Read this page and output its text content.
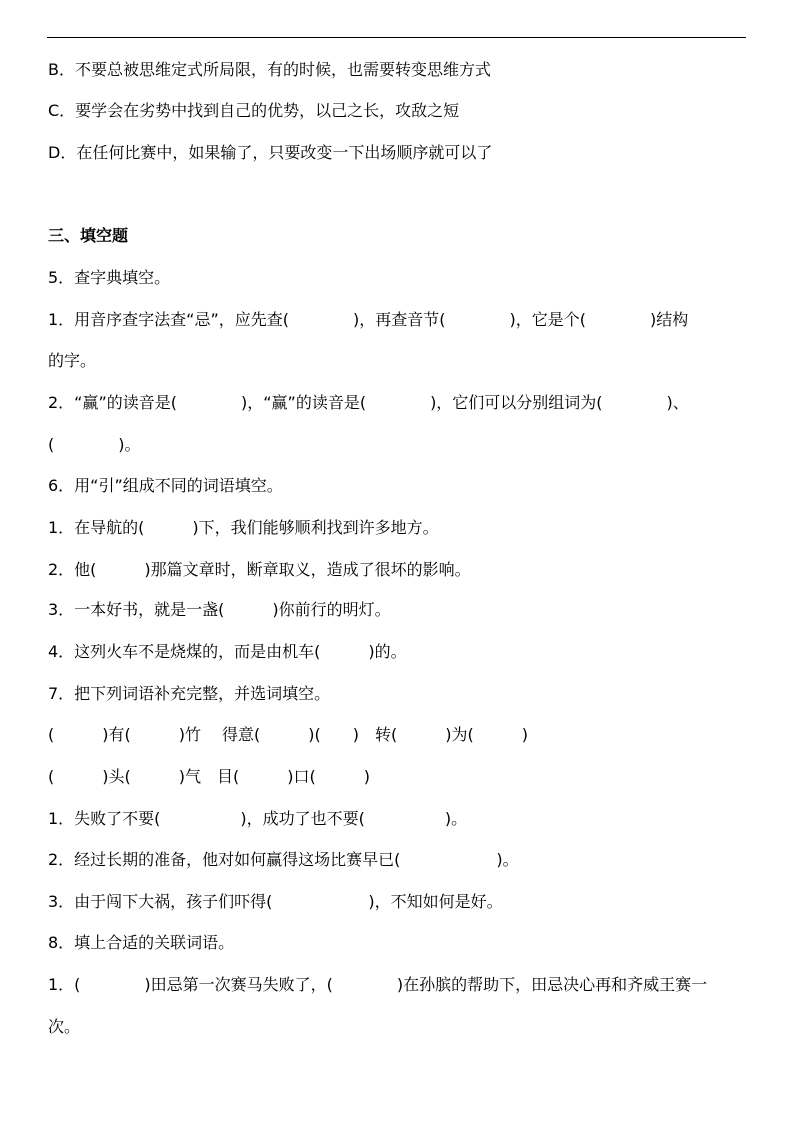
B．不要总被思维定式所局限，有的时候，也需要转变思维方式
C．要学会在劣势中找到自己的优势，以己之长，攻敌之短
D．在任何比赛中，如果输了，只要改变一下出场顺序就可以了
三、填空题
5．查字典填空。
1．用音序查字法查“忌”，应先查(　　　　)，再查音节(　　　　)，它是个(　　　　)结构
的字。
2．“赢”的读音是(　　　　)，“赢”的读音是(　　　　)，它们可以分别组词为(　　　　)、
(　　　　)。
6．用“引”组成不同的词语填空。
1．在导航的(　　　)下，我们能够顺利找到许多地方。
2．他(　　　)那篇文章时，断章取义，造成了很坏的影响。
3．一本好书，就是一盏(　　　)你前行的明灯。
4．这列火车不是烧煤的，而是由机车(　　　)的。
7．把下列词语补充完整，并选词填空。
(　　　)有(　　　)竹　 得意(　　　)(　　)　转(　　　)为(　　　)
(　　　)头(　　　)气　目(　　　)口(　　　)
1．失败了不要(　　　　　)，成功了也不要(　　　　　)。
2．经过长期的准备，他对如何赢得这场比赛早已(　　　　　　)。
3．由于闯下大祸，孩子们吓得(　　　　　　)，不知如何是好。
8．填上合适的关联词语。
1．(　　　　)田忌第一次赛马失败了，(　　　　)在孙膑的帮助下，田忌决心再和齐威王赛一
次。
